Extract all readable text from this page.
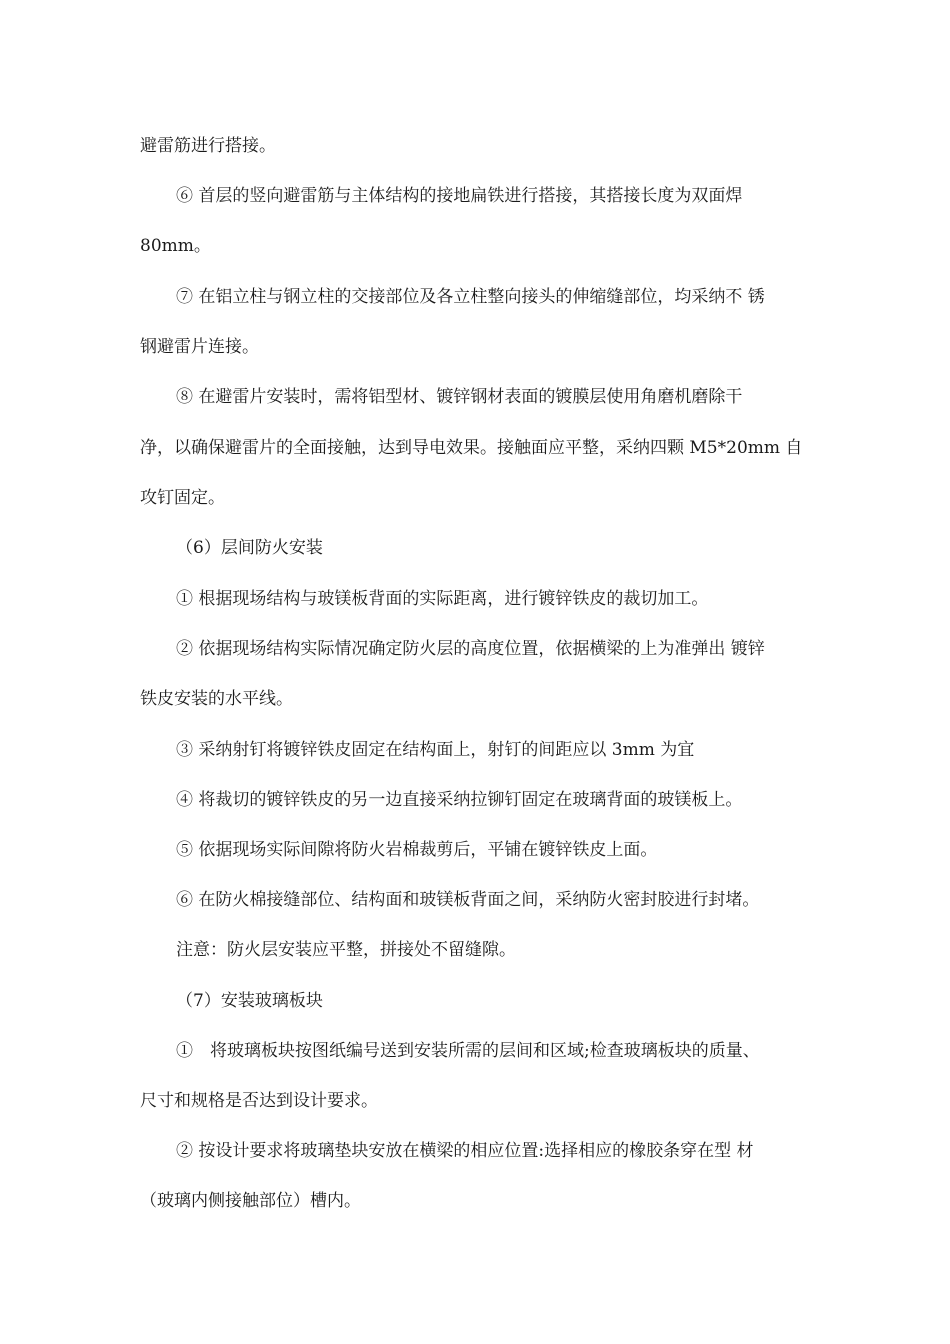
避雷筋进行搭接。

⑥ 首层的竖向避雷筋与主体结构的接地扁铁进行搭接，其搭接长度为双面焊

80mm。

⑦ 在铝立柱与钢立柱的交接部位及各立柱整向接头的伸缩缝部位，均采纳不 锈

钢避雷片连接。

⑧ 在避雷片安装时，需将铝型材、镀锌钢材表面的镀膜层使用角磨机磨除干

净，以确保避雷片的全面接触，达到导电效果。接触面应平整，采纳四颗 M5*20mm 自

攻钉固定。

（6）层间防火安装

① 根据现场结构与玻镁板背面的实际距离，进行镀锌铁皮的裁切加工。

② 依据现场结构实际情况确定防火层的高度位置，依据横梁的上为准弹出 镀锌

铁皮安装的水平线。

③ 采纳射钉将镀锌铁皮固定在结构面上，射钉的间距应以 3mm 为宜

④ 将裁切的镀锌铁皮的另一边直接采纳拉铆钉固定在玻璃背面的玻镁板上。

⑤ 依据现场实际间隙将防火岩棉裁剪后，平铺在镀锌铁皮上面。

⑥ 在防火棉接缝部位、结构面和玻镁板背面之间，采纳防火密封胶进行封堵。

注意：防火层安装应平整，拼接处不留缝隙。

（7）安装玻璃板块

①　将玻璃板块按图纸编号送到安装所需的层间和区域;检查玻璃板块的质量、

尺寸和规格是否达到设计要求。

② 按设计要求将玻璃垫块安放在横梁的相应位置:选择相应的橡胶条穿在型 材

（玻璃内侧接触部位）槽内。
